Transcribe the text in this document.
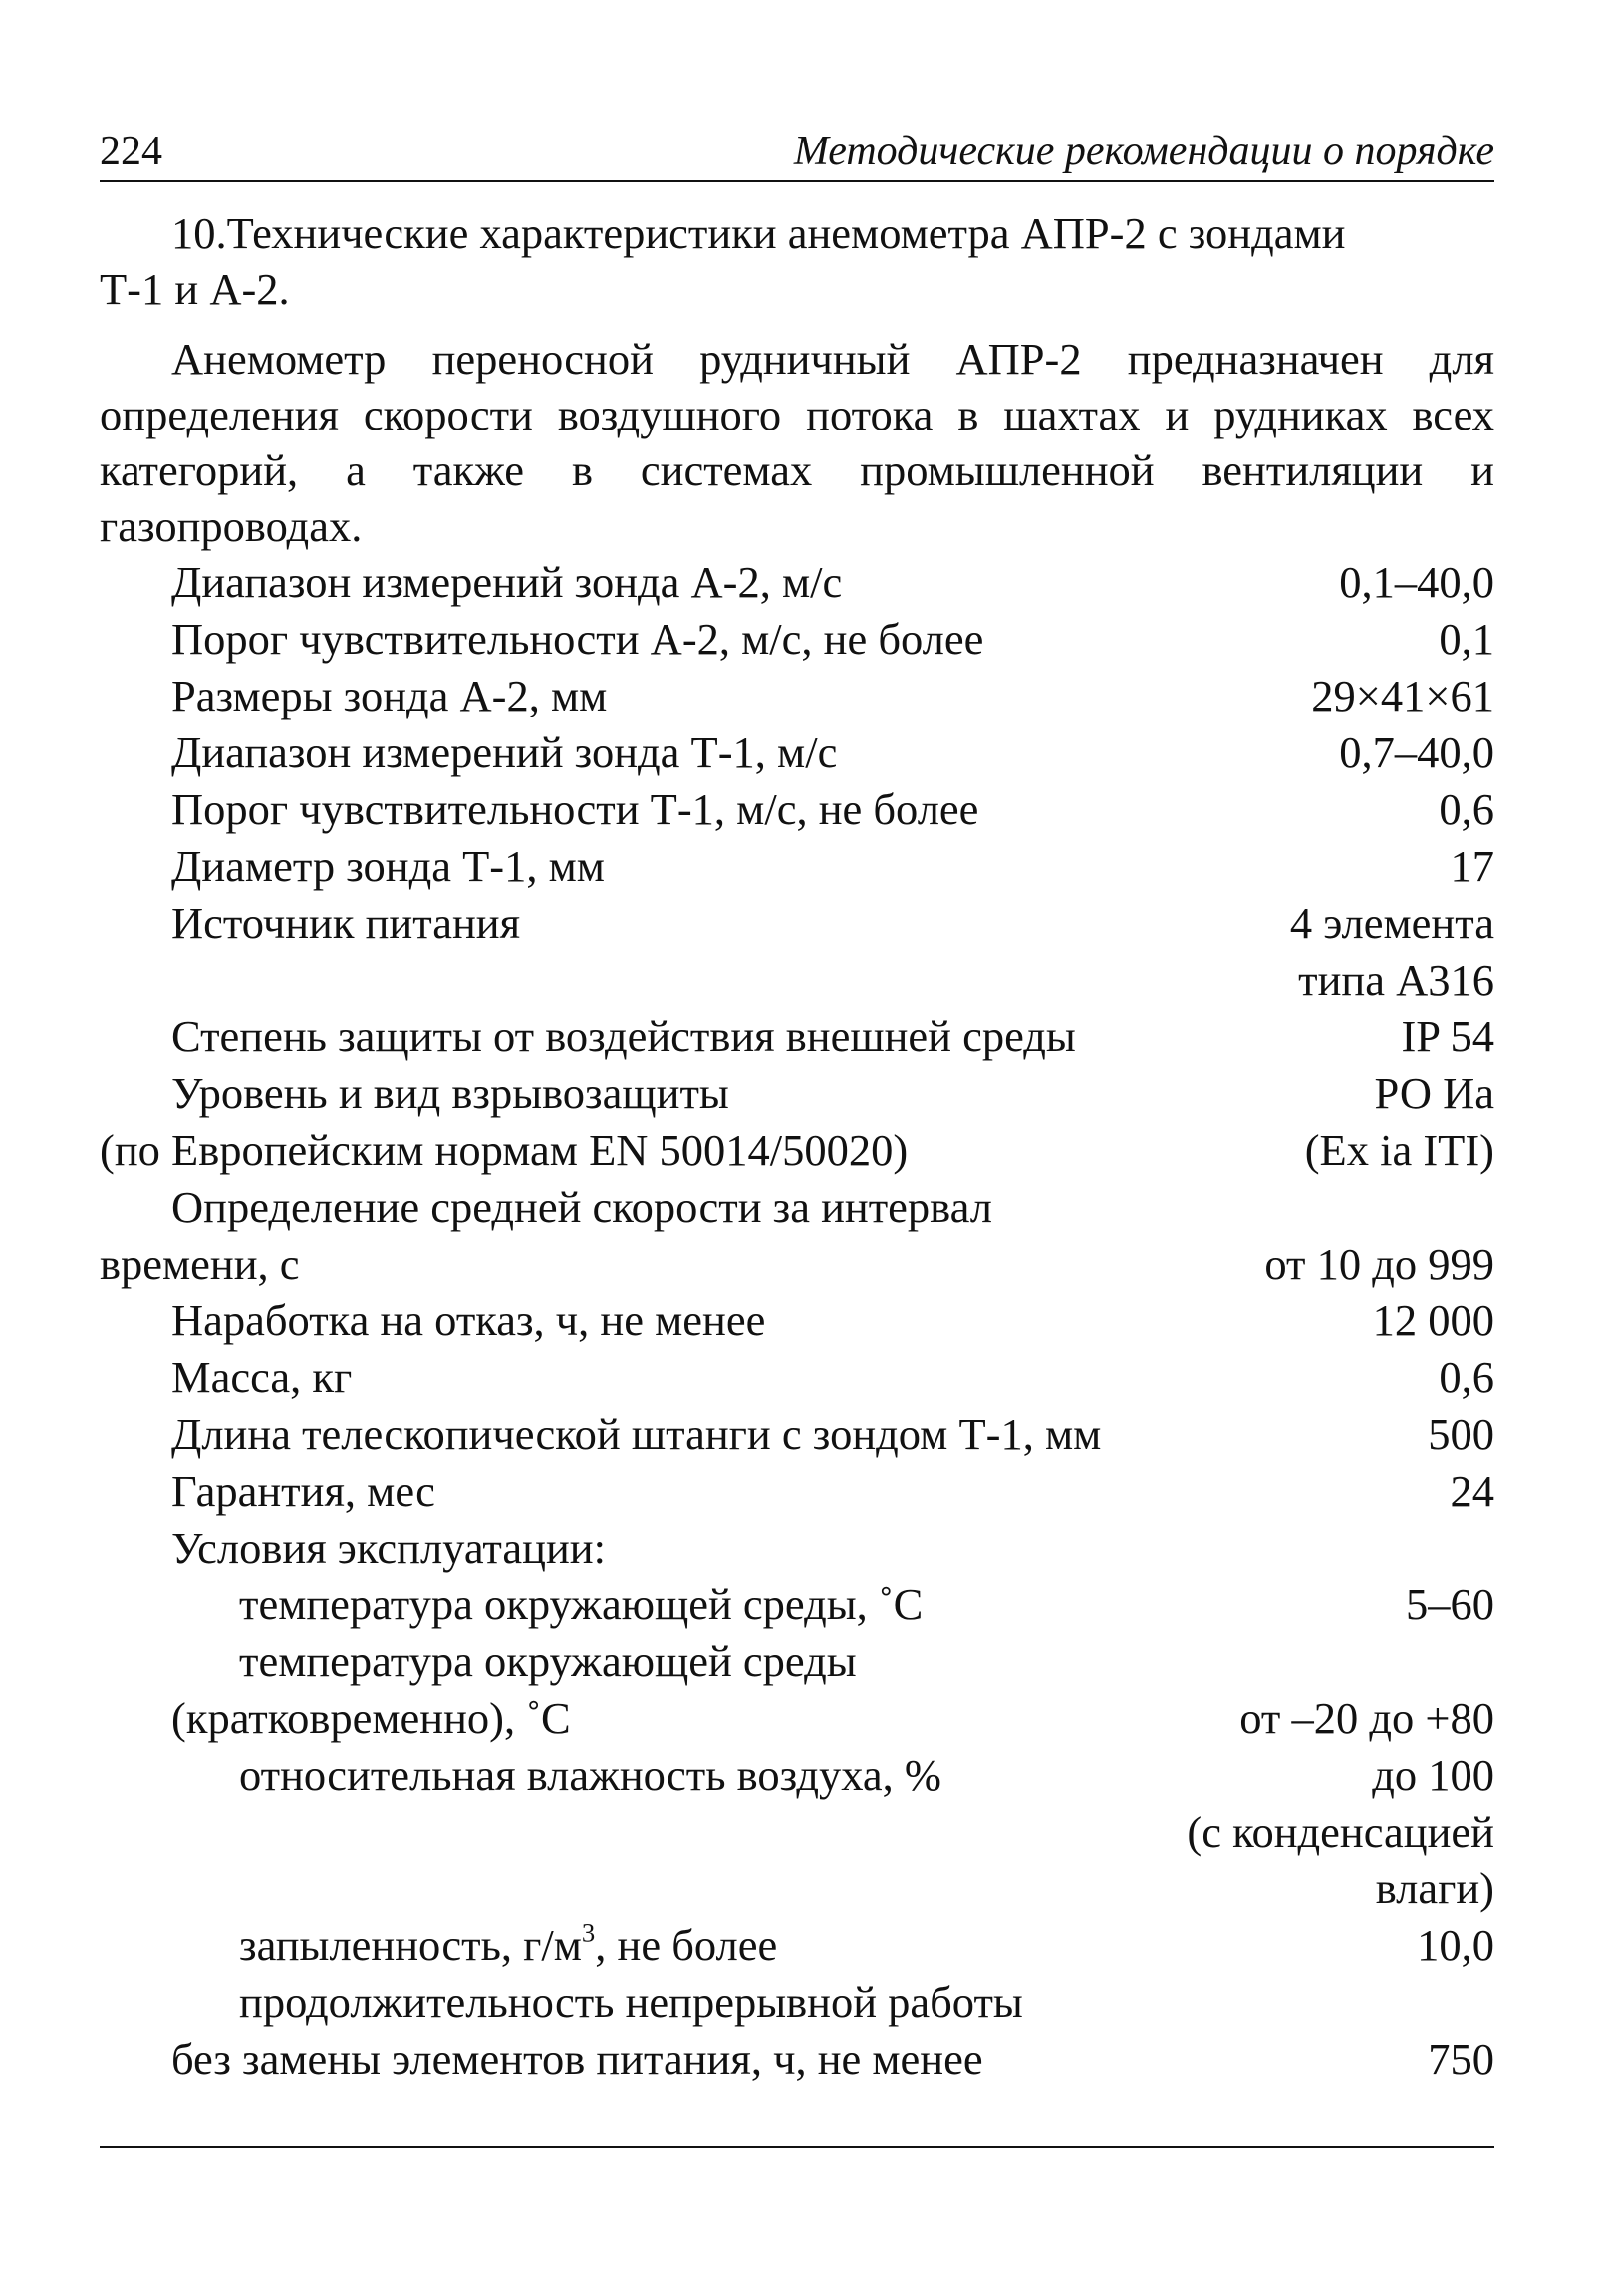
224	Методические рекомендации о порядке

10.Технические характеристики анемометра АПР-2 с зондами

Т-1 и А-2.

Анемометр переносной рудничный АПР-2 предназначен для определения скорости воздушного потока в шахтах и рудниках всех категорий, а также в системах промышленной вентиляции и газопроводах.

Диапазон измерений зонда А-2, м/с	0,1–40,0
Порог чувствительности А-2, м/с, не более	0,1
Размеры зонда А-2, мм	29×41×61
Диапазон измерений зонда Т-1, м/с	0,7–40,0
Порог чувствительности Т-1, м/с, не более	0,6
Диаметр зонда Т-1, мм	17
Источник питания	4 элемента
типа А316
Степень защиты от воздействия внешней среды	IP 54
Уровень и вид взрывозащиты	РО Иа
(по Европейским нормам EN 50014/50020)	(Ex ia ITI)
Определение средней скорости за интервал
времени, с	от 10 до 999
Наработка на отказ, ч, не менее	12 000
Масса, кг	0,6
Длина телескопической штанги с зондом Т-1, мм	500
Гарантия, мес	24
Условия эксплуатации:
температура окружающей среды, ˚С	5–60
температура окружающей среды
(кратковременно), ˚С	от –20 до +80
относительная влажность воздуха, %	до 100
(с конденсацией
влаги)
запыленность, $г/м^3$, не более	10,0
продолжительность непрерывной работы
без замены элементов питания, ч, не менее	750
